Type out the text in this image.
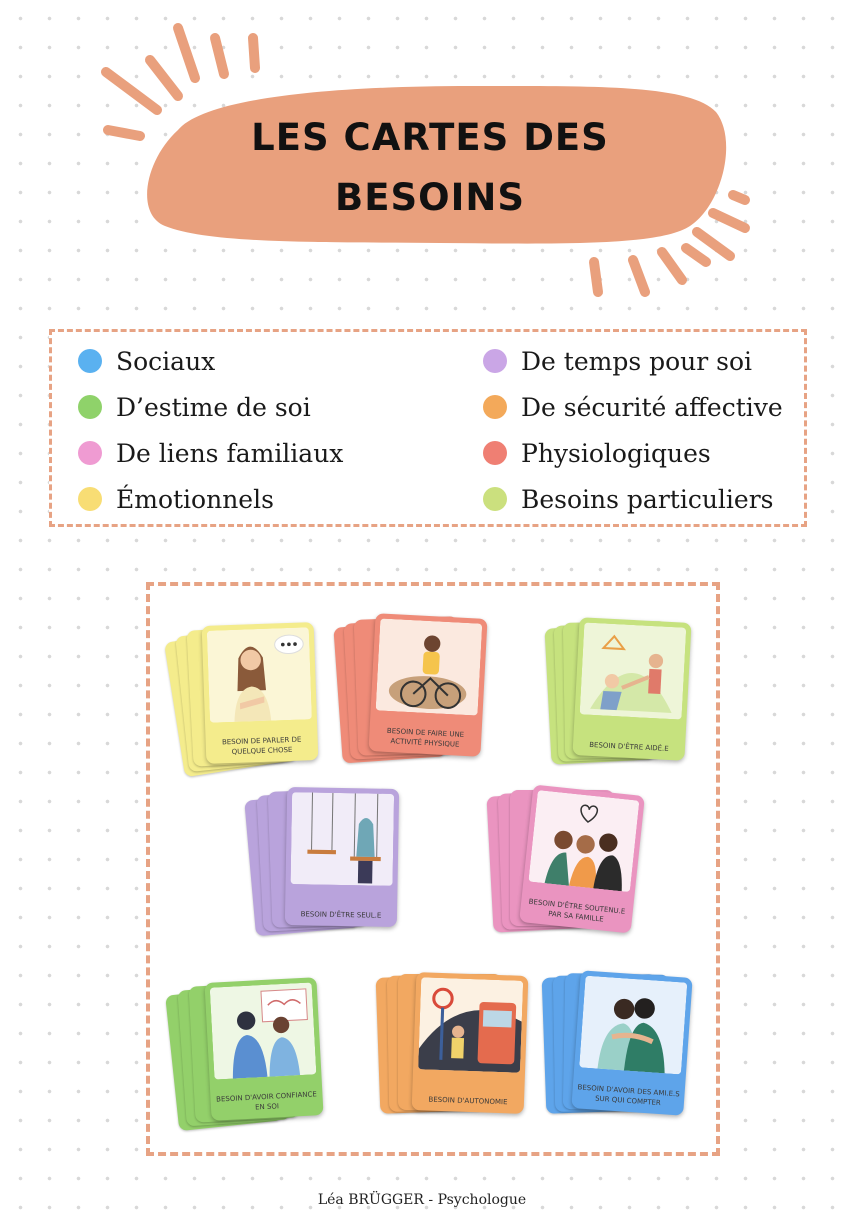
LES CARTES DES BESOINS
Sociaux
D’estime de soi
De liens familiaux
Émotionnels
De temps pour soi
De sécurité affective
Physiologiques
Besoins particuliers
BESOIN DE PARLER DE QUELQUE CHOSE
BESOIN DE FAIRE UNE ACTIVITÉ PHYSIQUE	BESOIN D'ÊTRE AIDÉ.E
BESOIN D'ÊTRE SEUL.E	BESOIN D'ÊTRE SOUTENU.E PAR SA FAMILLE
BESOIN D'AVOIR CONFIANCE EN SOI
BESOIN D'AUTONOMIE
BESOIN D'AVOIR DES AMI.E.S SUR QUI COMPTER
Léa BRÜGGER - Psychologue
